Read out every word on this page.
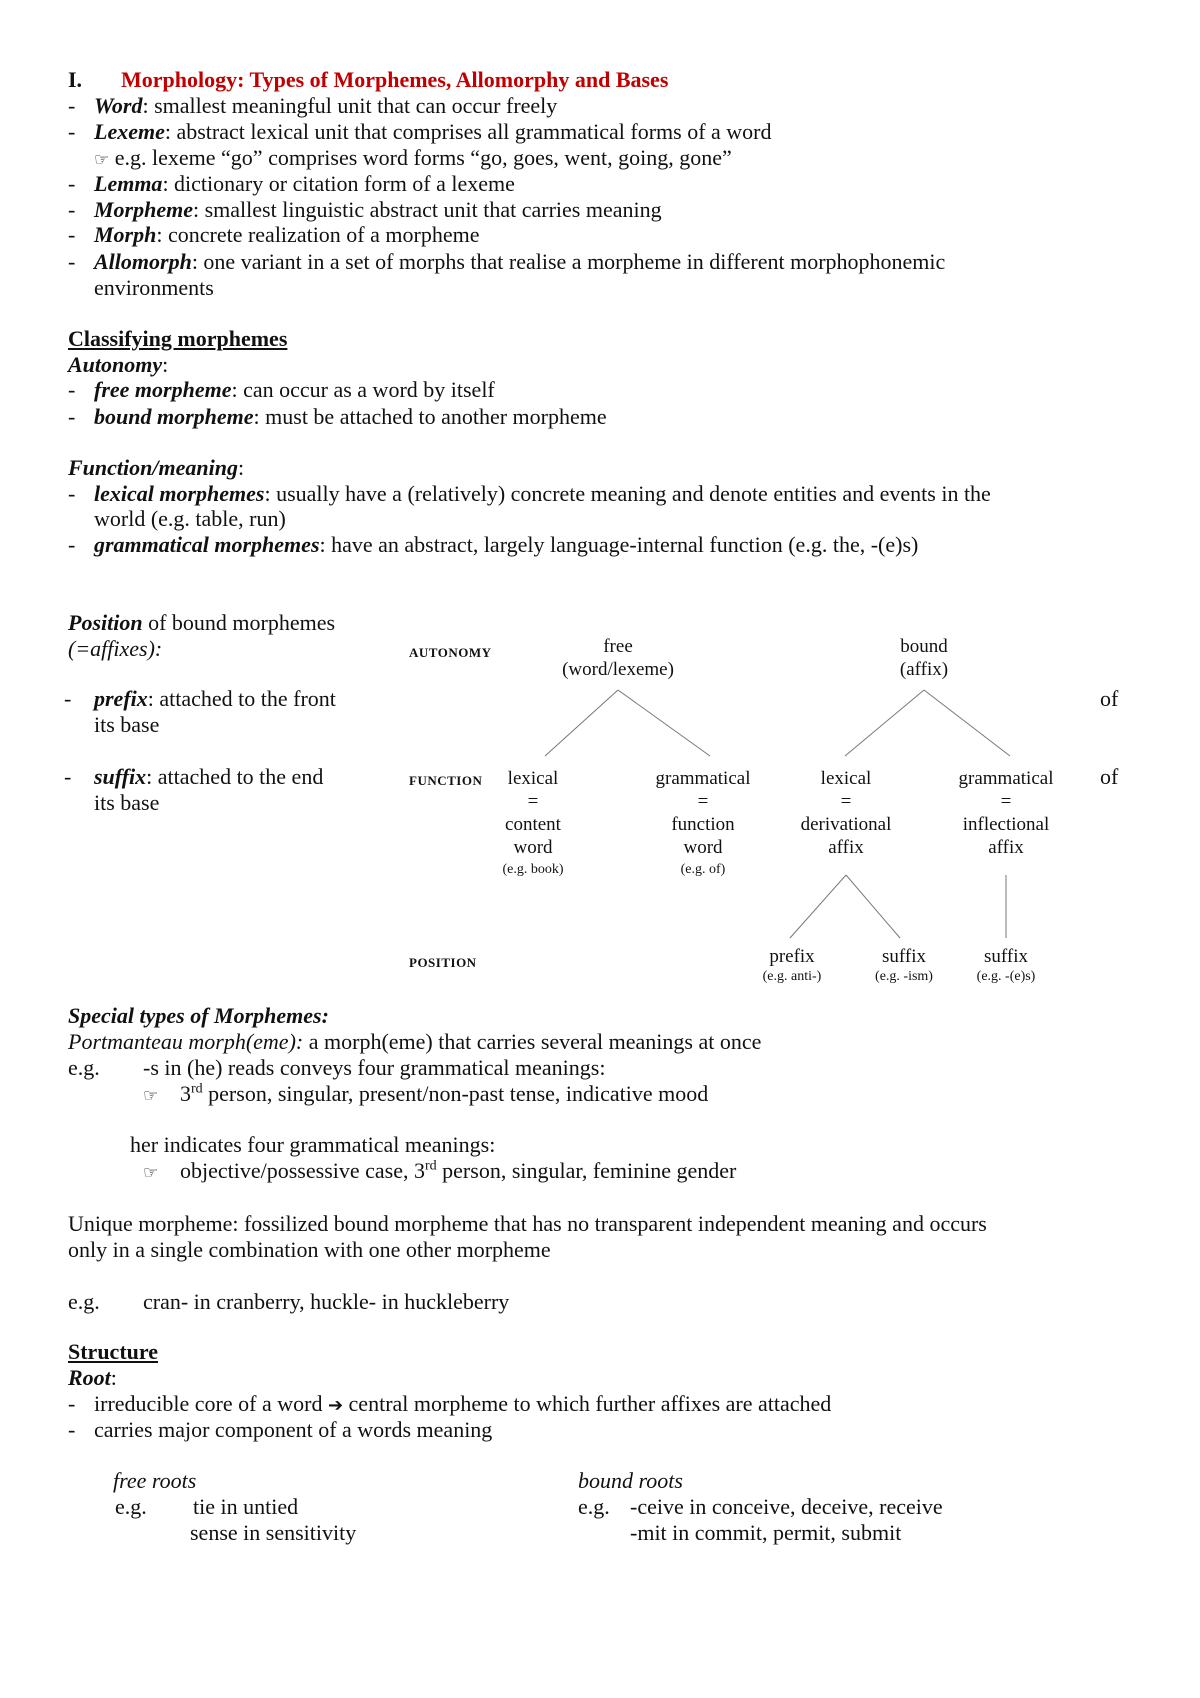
I. Morphology: Types of Morphemes, Allomorphy and Bases
- Word: smallest meaningful unit that can occur freely
- Lexeme: abstract lexical unit that comprises all grammatical forms of a word
☞ e.g. lexeme “go” comprises word forms “go, goes, went, going, gone”
- Lemma: dictionary or citation form of a lexeme
- Morpheme: smallest linguistic abstract unit that carries meaning
- Morph: concrete realization of a morpheme
- Allomorph: one variant in a set of morphs that realise a morpheme in different morphophonemic
environments
Classifying morphemes
Autonomy:
- free morpheme: can occur as a word by itself
- bound morpheme: must be attached to another morpheme
Function/meaning:
- lexical morphemes: usually have a (relatively) concrete meaning and denote entities and events in the
world (e.g. table, run)
- grammatical morphemes: have an abstract, largely language-internal function (e.g. the, -(e)s)
Position of bound morphemes
(=affixes):
- prefix: attached to the front	of
its base
- suffix: attached to the end	of
its base
AUTONOMY
FUNCTION
POSITION
free
(word/lexeme)
bound
(affix)
lexical
=
content
word
(e.g. book)
grammatical
=
function
word
(e.g. of)
lexical
=
derivational
affix
grammatical
=
inflectional
affix
prefix
(e.g. anti-)
suffix
(e.g. -ism)
suffix
(e.g. -(e)s)
Special types of Morphemes:
Portmanteau morph(eme): a morph(eme) that carries several meanings at once
e.g. -s in (he) reads conveys four grammatical meanings:
☞ 3rd person, singular, present/non-past tense, indicative mood
her indicates four grammatical meanings:
☞ objective/possessive case, 3rd person, singular, feminine gender
Unique morpheme: fossilized bound morpheme that has no transparent independent meaning and occurs
only in a single combination with one other morpheme
e.g. cran- in cranberry, huckle- in huckleberry
Structure
Root:
- irreducible core of a word ➔ central morpheme to which further affixes are attached
- carries major component of a words meaning
free roots	bound roots
e.g. tie in untied
sense in sensitivity
e.g. -ceive in conceive, deceive, receive
-mit in commit, permit, submit
